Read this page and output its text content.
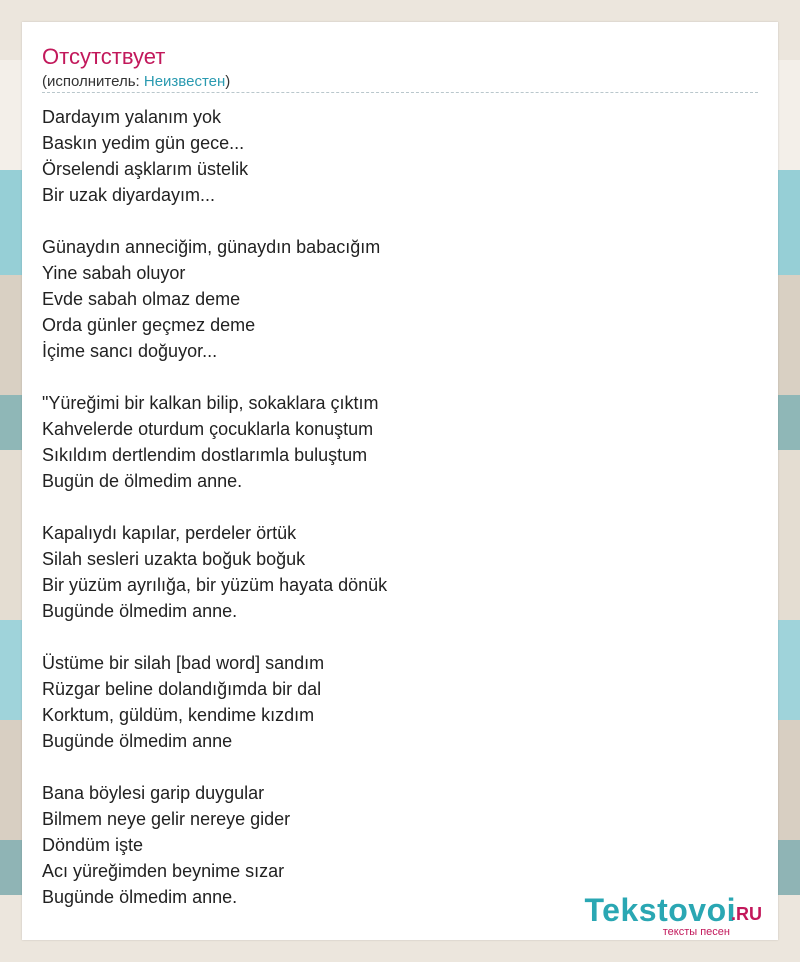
Отсутствует
(исполнитель: Неизвестен)
Dardayım yalanım yok
Baskın yedim gün gece...
Örselendi aşklarım üstelik
Bir uzak diyardayım...
Günaydın anneciğim, günaydın babacığım
Yine sabah oluyor
Evde sabah olmaz deme
Orda günler geçmez deme
İçime sancı doğuyor...
"Yüreğimi bir kalkan bilip, sokaklara çıktım
Kahvelerde oturdum çocuklarla konuştum
Sıkıldım dertlendim dostlarımla buluştum
Bugün de ölmedim anne.
Kapalıydı kapılar, perdeler örtük
Silah sesleri uzakta boğuk boğuk
Bir yüzüm ayrılığa, bir yüzüm hayata dönük
Bugünde ölmedim anne.
Üstüme bir silah [bad word] sandım
Rüzgar beline dolandığımda bir dal
Korktum, güldüm, kendime kızdım
Bugünde ölmedim anne
Bana böylesi garip duygular
Bilmem neye gelir nereye gider
Döndüm işte
Acı yüreğimden beynime sızar
Bugünde ölmedim anne.	Tekstovoi
.RU
тексты песен
